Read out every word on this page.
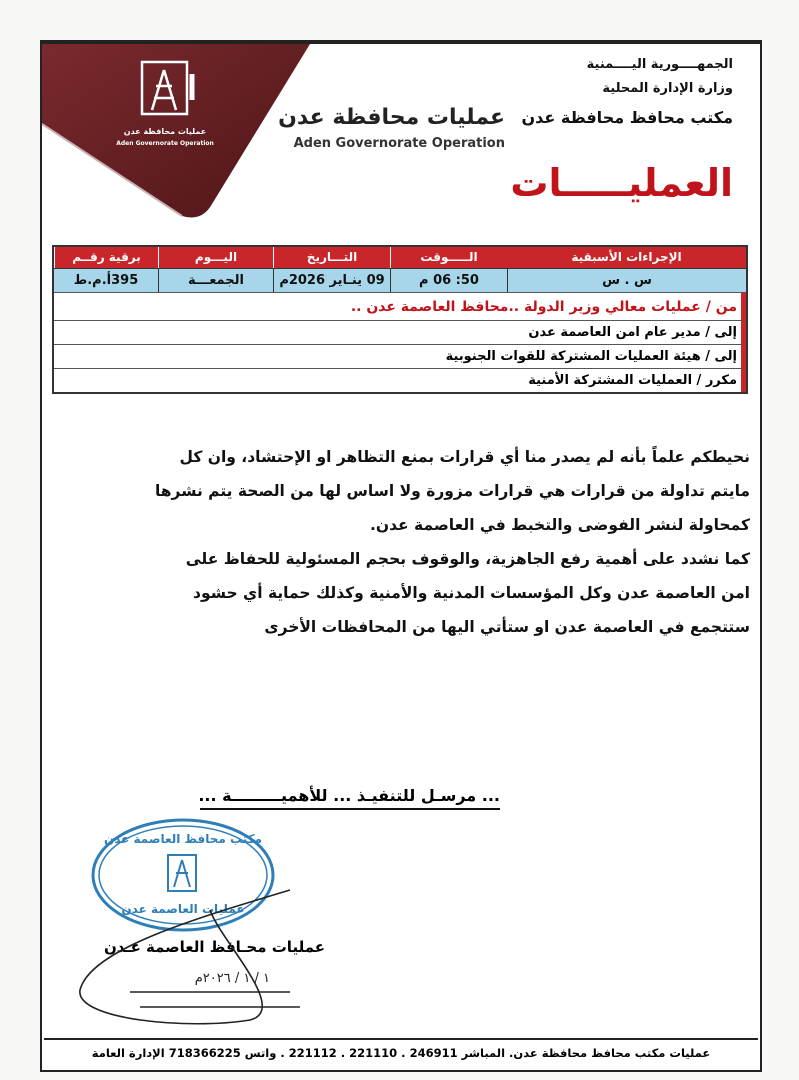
عمليات محافظة عدن
Aden Governorate Operation
عمليات محافظة عدن
Aden Governorate Operation
الجمهــــورية اليــــمنية
وزارة الإدارة المحلية
مكتب محافظ محافظة عدن
العمليـــــات
الإجراءات الأسبقية
الـــــوقت
التـــاريخ
اليـــوم
برقية رقــم
س . س
50: 06 م
09 ينـاير 2026م
الجمعـــة
395أ.م.ط
من / عمليات معالي وزير الدولة ..محافظ العاصمة عدن ..
إلى / مدير عام امن العاصمة عدن
إلى / هيئة العمليات المشتركة للقوات الجنوبية
مكرر / العمليات المشتركة الأمنية
نحيطكم علماً بأنه لم يصدر منا أي قرارات بمنع التظاهر او الإحتشاد، وان كل
مايتم تداولة من قرارات هي قرارات مزورة ولا اساس لها من الصحة يتم نشرها
كمحاولة لنشر الفوضى والتخبط في العاصمة عدن.
كما نشدد على أهمية رفع الجاهزية، والوقوف بحجم المسئولية للحفاظ على
امن العاصمة عدن وكل المؤسسات المدنية والأمنية وكذلك حماية أي حشود
ستتجمع في العاصمة عدن او ستأتي اليها من المحافظات الأخرى
... مرسـل للتنفيـذ ... للأهميـــــــــة ...
مكتب محافظ العاصمة عدن
عمليات العاصمة عدن
عمليات محـافظ العاصمة عـدن
١ / ١ / ٢٠٢٦م
عمليات مكتب محافظ محافظة عدن. المباشر 246911 . 221110 . 221112 . واتس 718366225 الإدارة العامة
